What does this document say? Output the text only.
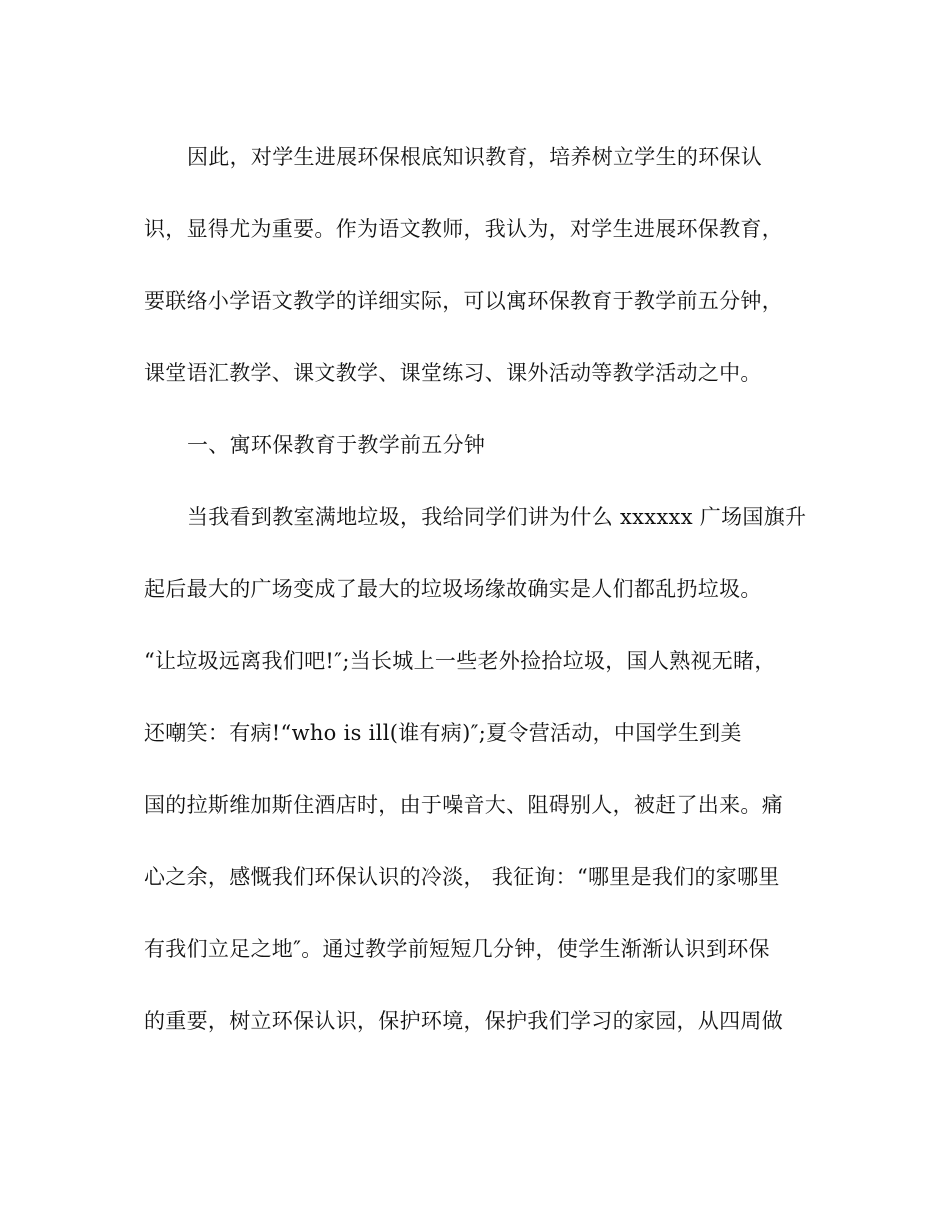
因此，对学生进展环保根底知识教育，培养树立学生的环保认
识，显得尤为重要。作为语文教师，我认为，对学生进展环保教育，
要联络小学语文教学的详细实际，可以寓环保教育于教学前五分钟，
课堂语汇教学、课文教学、课堂练习、课外活动等教学活动之中。
一、寓环保教育于教学前五分钟
当我看到教室满地垃圾，我给同学们讲为什么 xxxxxx 广场国旗升
起后最大的广场变成了最大的垃圾场缘故确实是人们都乱扔垃圾。
“让垃圾远离我们吧!″;当长城上一些老外捡拾垃圾，国人熟视无睹，
还嘲笑：有病!“who is ill(谁有病)″;夏令营活动，中国学生到美
国的拉斯维加斯住酒店时，由于噪音大、阻碍别人，被赶了出来。痛
心之余，感慨我们环保认识的冷淡， 我征询：“哪里是我们的家哪里
有我们立足之地″。通过教学前短短几分钟，使学生渐渐认识到环保
的重要，树立环保认识，保护环境，保护我们学习的家园，从四周做
